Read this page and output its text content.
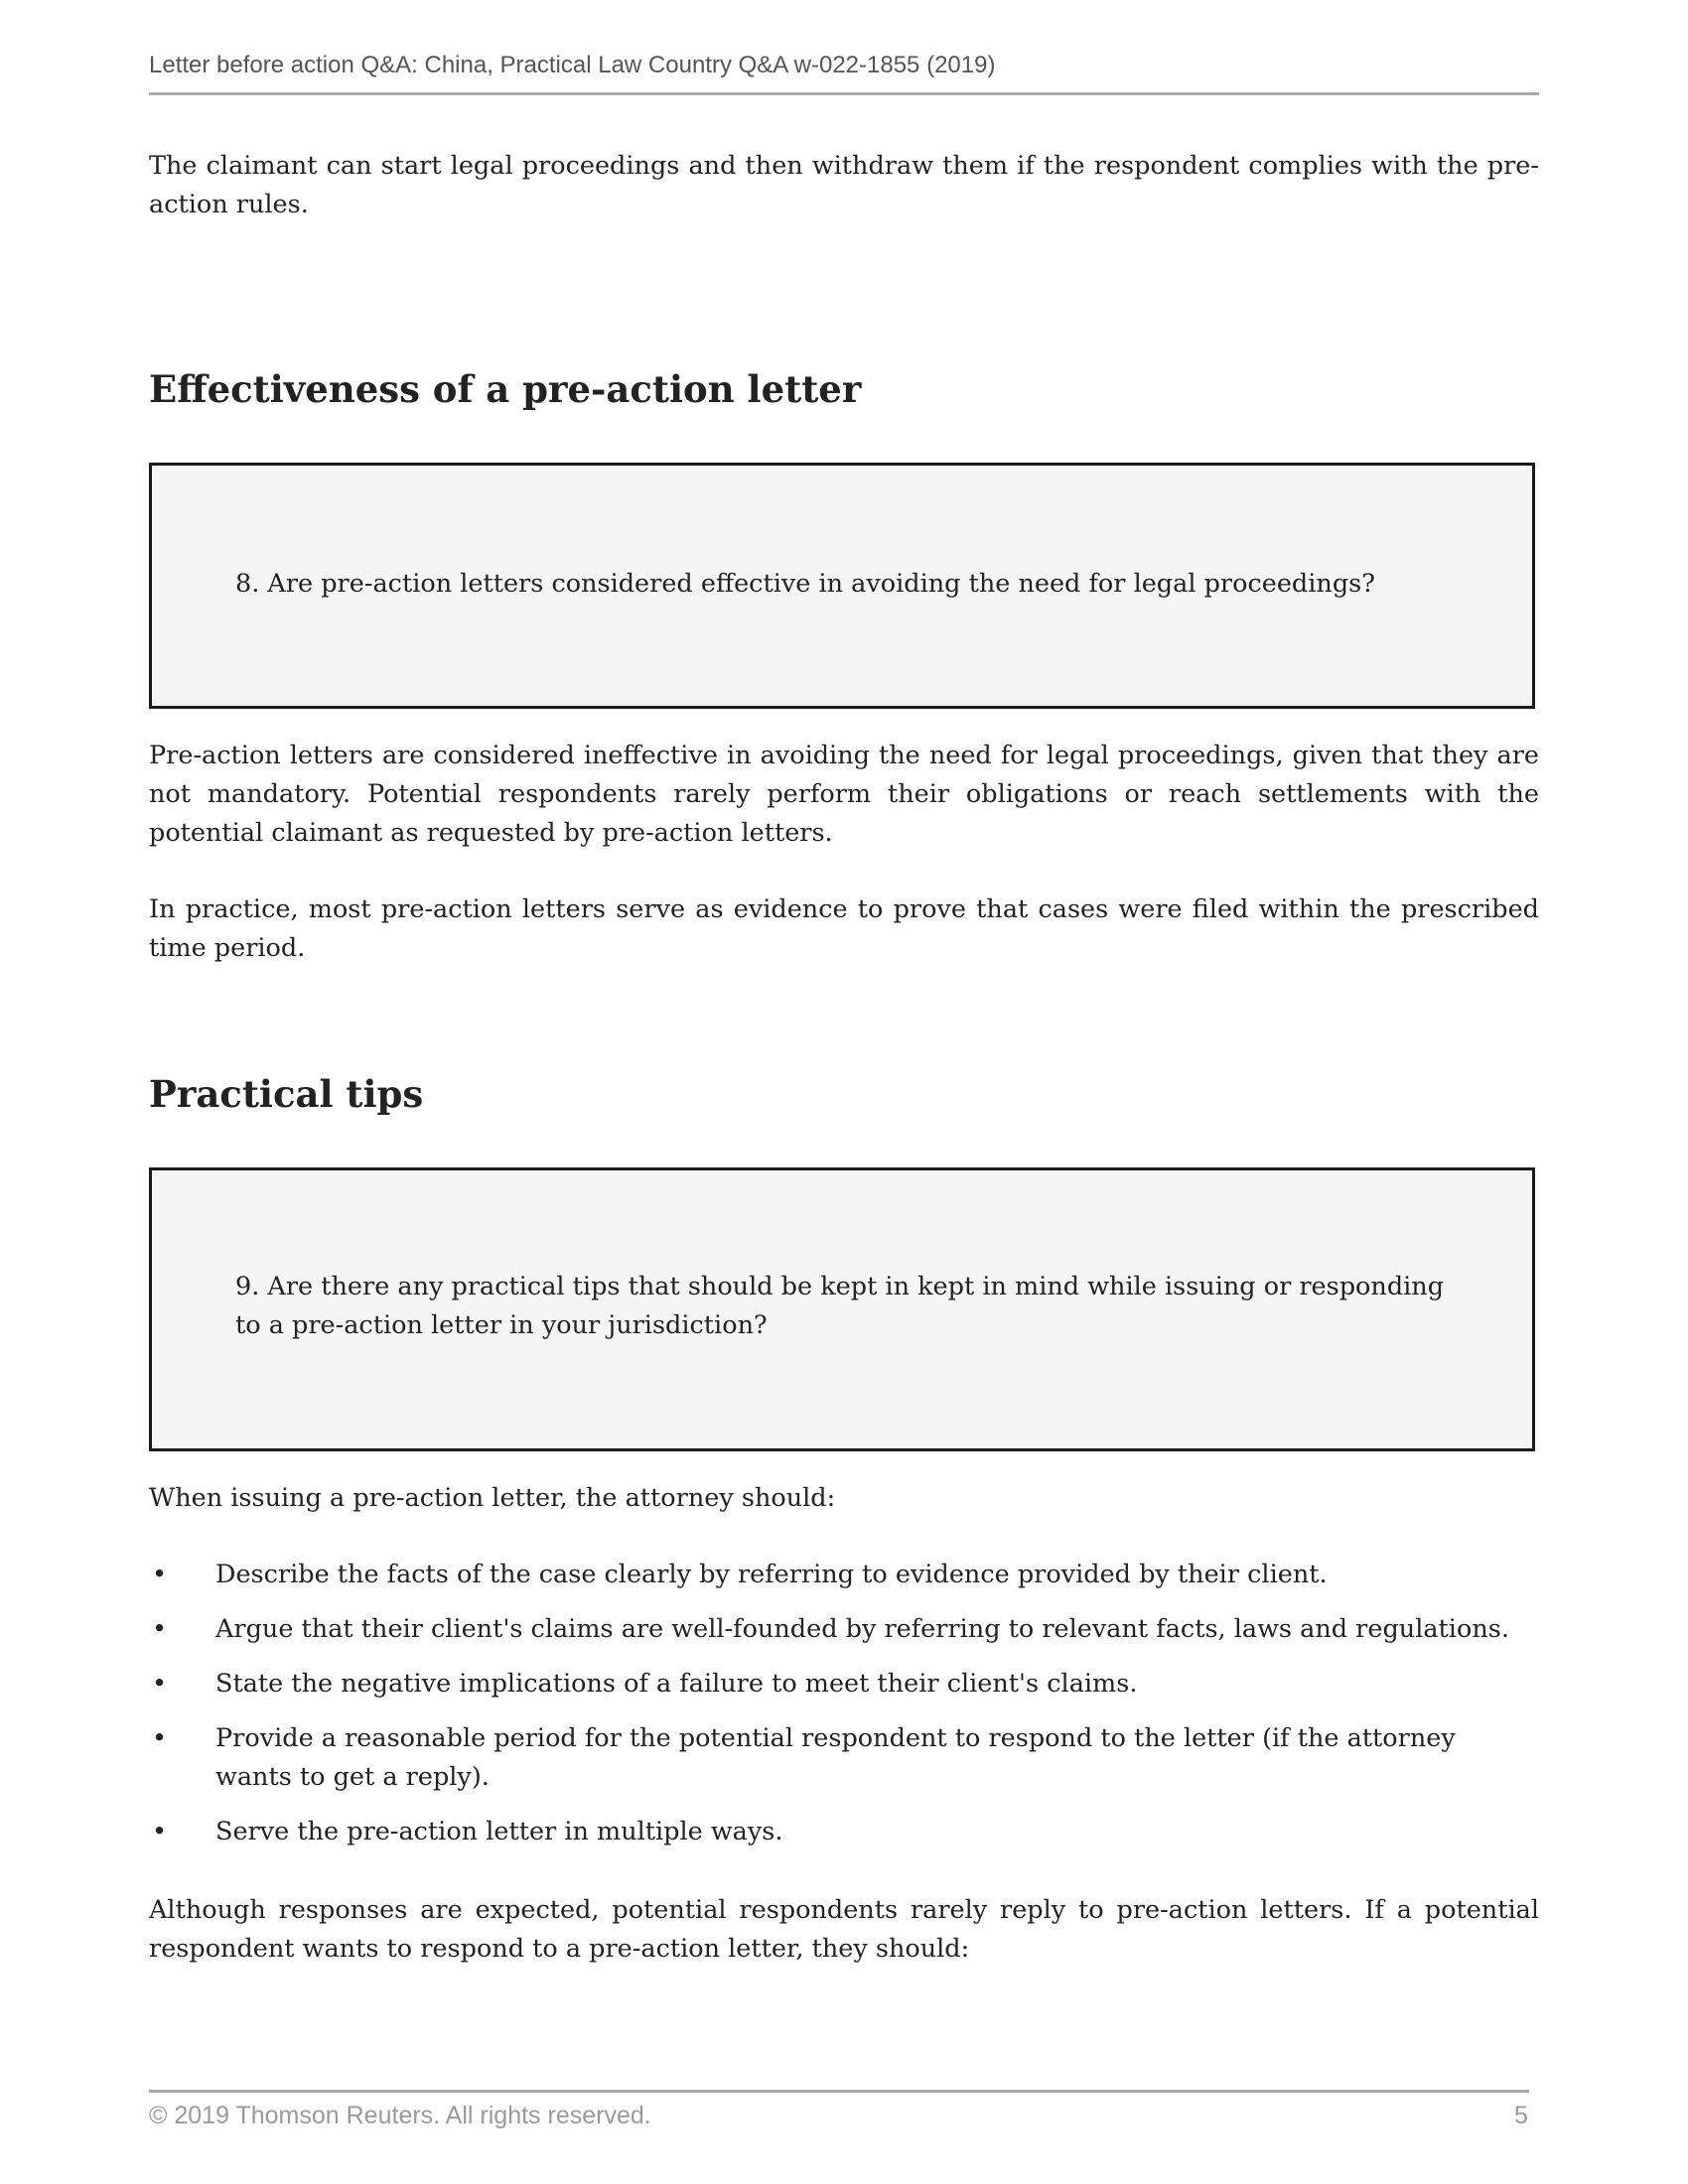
Letter before action Q&A: China, Practical Law Country Q&A w-022-1855 (2019)

The claimant can start legal proceedings and then withdraw them if the respondent complies with the pre-action rules.

Effectiveness of a pre-action letter

8. Are pre-action letters considered effective in avoiding the need for legal proceedings?

Pre-action letters are considered ineffective in avoiding the need for legal proceedings, given that they are not mandatory. Potential respondents rarely perform their obligations or reach settlements with the potential claimant as requested by pre-action letters.

In practice, most pre-action letters serve as evidence to prove that cases were filed within the prescribed time period.

Practical tips

9. Are there any practical tips that should be kept in kept in mind while issuing or responding to a pre-action letter in your jurisdiction?

When issuing a pre-action letter, the attorney should:

• Describe the facts of the case clearly by referring to evidence provided by their client.
• Argue that their client's claims are well-founded by referring to relevant facts, laws and regulations.
• State the negative implications of a failure to meet their client's claims.
• Provide a reasonable period for the potential respondent to respond to the letter (if the attorney wants to get a reply).
• Serve the pre-action letter in multiple ways.

Although responses are expected, potential respondents rarely reply to pre-action letters. If a potential respondent wants to respond to a pre-action letter, they should:

© 2019 Thomson Reuters. All rights reserved.	5
